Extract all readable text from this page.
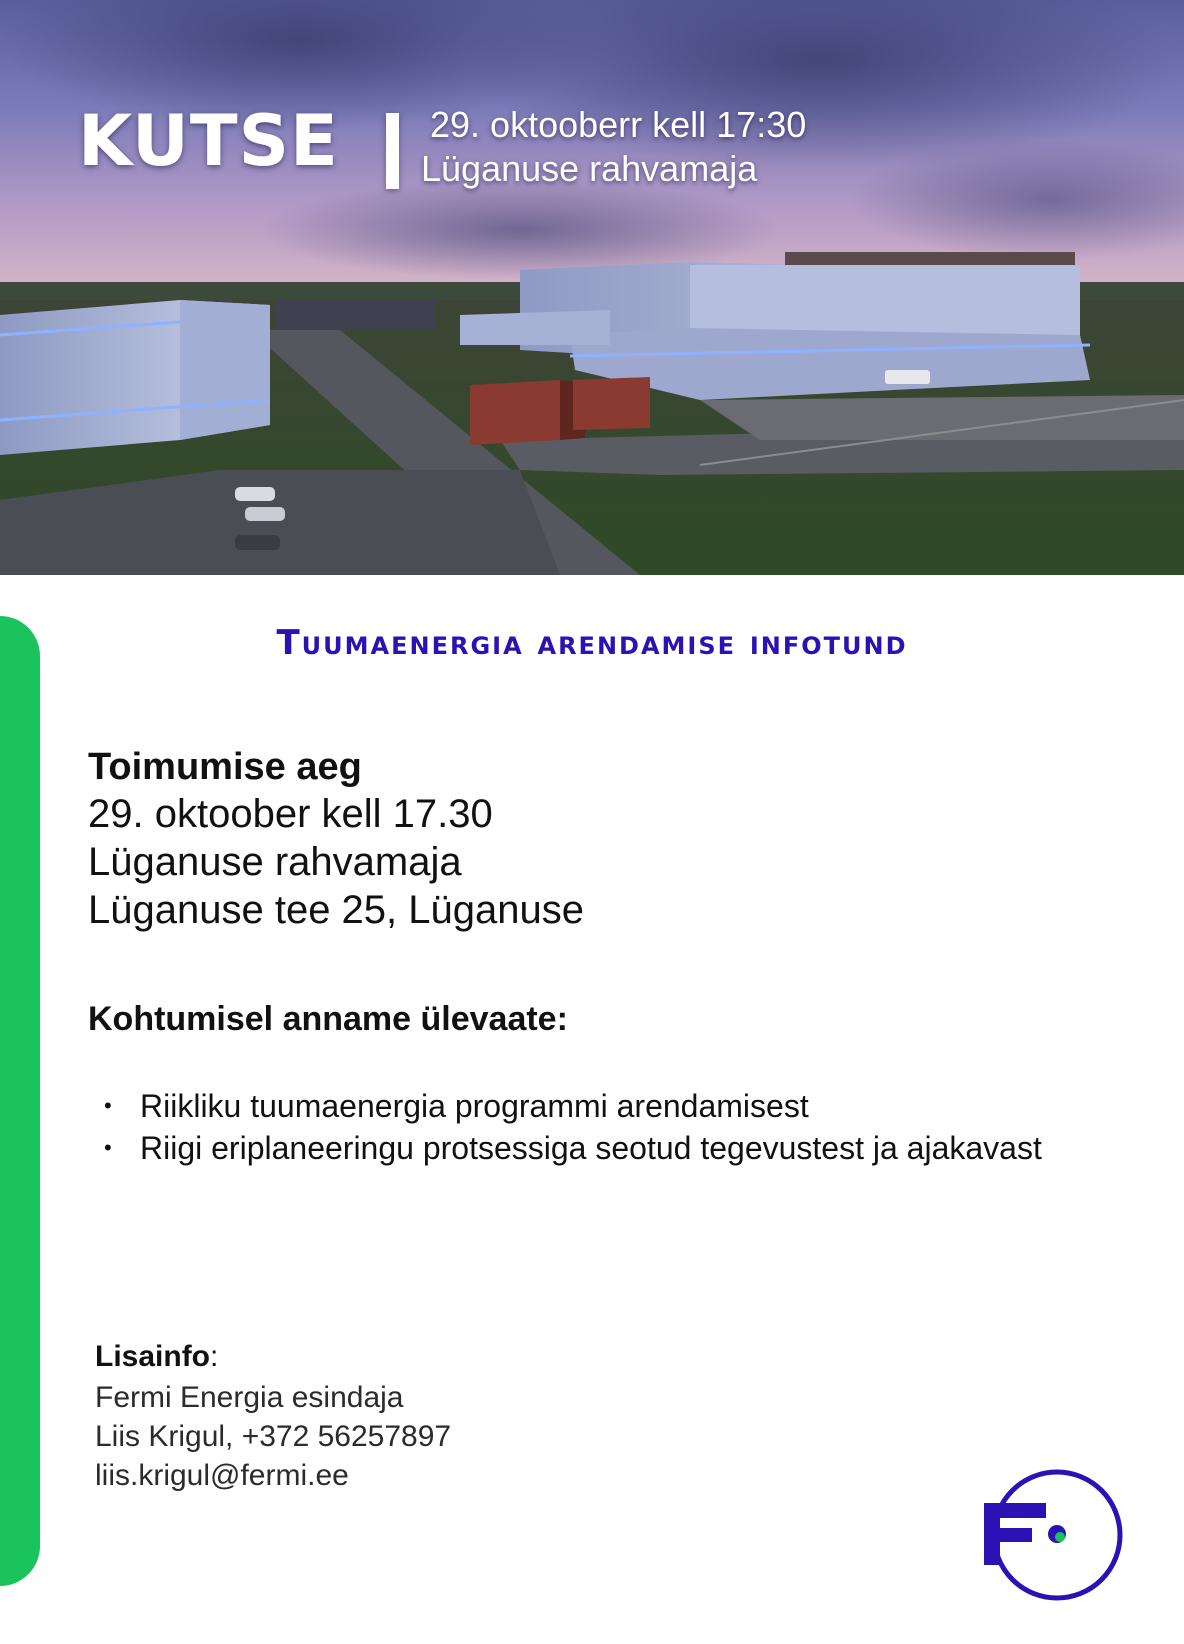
KUTSE	29. oktooberr kell 17:30
Lüganuse rahvamaja
Tuumaenergia arendamise infotund
Toimumise aeg
29. oktoober kell 17.30
Lüganuse rahvamaja
Lüganuse tee 25, Lüganuse
Kohtumisel anname ülevaate:
• Riikliku tuumaenergia programmi arendamisest
• Riigi eriplaneeringu protsessiga seotud tegevustest ja ajakavast
Lisainfo:
Fermi Energia esindaja
Liis Krigul, +372 56257897
liis.krigul@fermi.ee
